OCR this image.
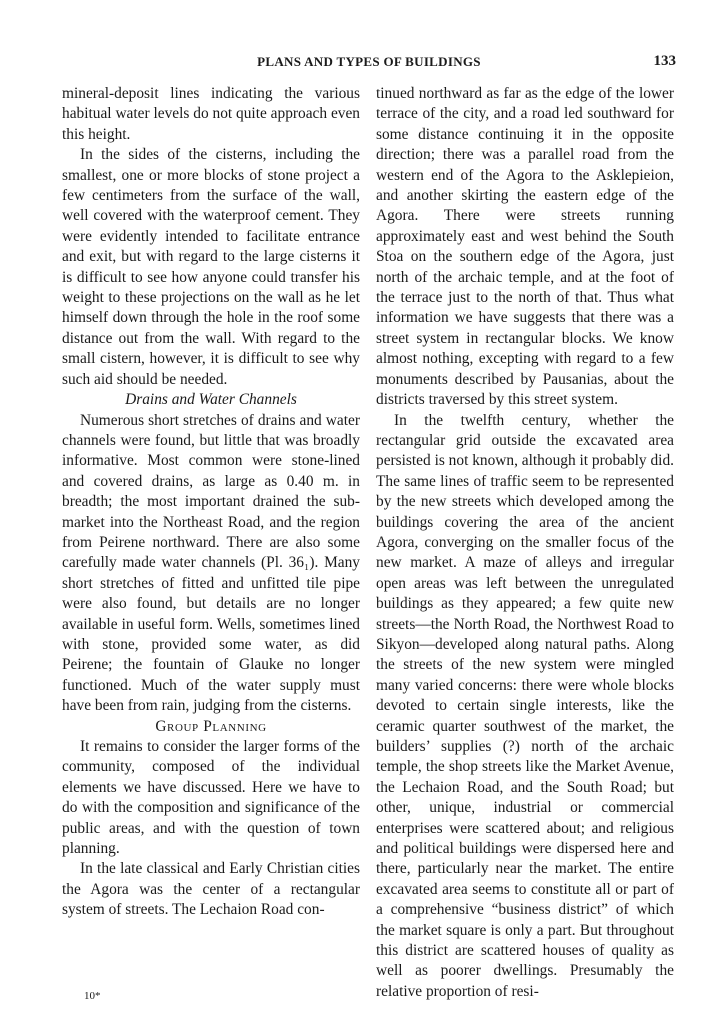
PLANS AND TYPES OF BUILDINGS	133

mineral-deposit lines indicating the various habitual water levels do not quite approach even this height.

In the sides of the cisterns, including the smallest, one or more blocks of stone project a few centimeters from the surface of the wall, well covered with the waterproof cement. They were evidently intended to facilitate entrance and exit, but with regard to the large cisterns it is difficult to see how anyone could transfer his weight to these projections on the wall as he let himself down through the hole in the roof some distance out from the wall. With regard to the small cistern, however, it is difficult to see why such aid should be needed.

Drains and Water Channels

Numerous short stretches of drains and water channels were found, but little that was broadly informative. Most common were stone-lined and covered drains, as large as 0.40 m. in breadth; the most important drained the sub-market into the Northeast Road, and the region from Peirene northward. There are also some carefully made water channels (Pl. 36₁). Many short stretches of fitted and unfitted tile pipe were also found, but details are no longer available in useful form. Wells, sometimes lined with stone, provided some water, as did Peirene; the fountain of Glauke no longer functioned. Much of the water supply must have been from rain, judging from the cisterns.

Group Planning

It remains to consider the larger forms of the community, composed of the individual elements we have discussed. Here we have to do with the composition and significance of the public areas, and with the question of town planning.

In the late classical and Early Christian cities the Agora was the center of a rectangular system of streets. The Lechaion Road con-

tinued northward as far as the edge of the lower terrace of the city, and a road led southward for some distance continuing it in the opposite direction; there was a parallel road from the western end of the Agora to the Asklepieion, and another skirting the eastern edge of the Agora. There were streets running approximately east and west behind the South Stoa on the southern edge of the Agora, just north of the archaic temple, and at the foot of the terrace just to the north of that. Thus what information we have suggests that there was a street system in rectangular blocks. We know almost nothing, excepting with regard to a few monuments described by Pausanias, about the districts traversed by this street system.

In the twelfth century, whether the rectangular grid outside the excavated area persisted is not known, although it probably did. The same lines of traffic seem to be represented by the new streets which developed among the buildings covering the area of the ancient Agora, converging on the smaller focus of the new market. A maze of alleys and irregular open areas was left between the unregulated buildings as they appeared; a few quite new streets—the North Road, the Northwest Road to Sikyon—developed along natural paths. Along the streets of the new system were mingled many varied concerns: there were whole blocks devoted to certain single interests, like the ceramic quarter southwest of the market, the builders’ supplies (?) north of the archaic temple, the shop streets like the Market Avenue, the Lechaion Road, and the South Road; but other, unique, industrial or commercial enterprises were scattered about; and religious and political buildings were dispersed here and there, particularly near the market. The entire excavated area seems to constitute all or part of a comprehensive “business district” of which the market square is only a part. But throughout this district are scattered houses of quality as well as poorer dwellings. Presumably the relative proportion of resi-

10*
